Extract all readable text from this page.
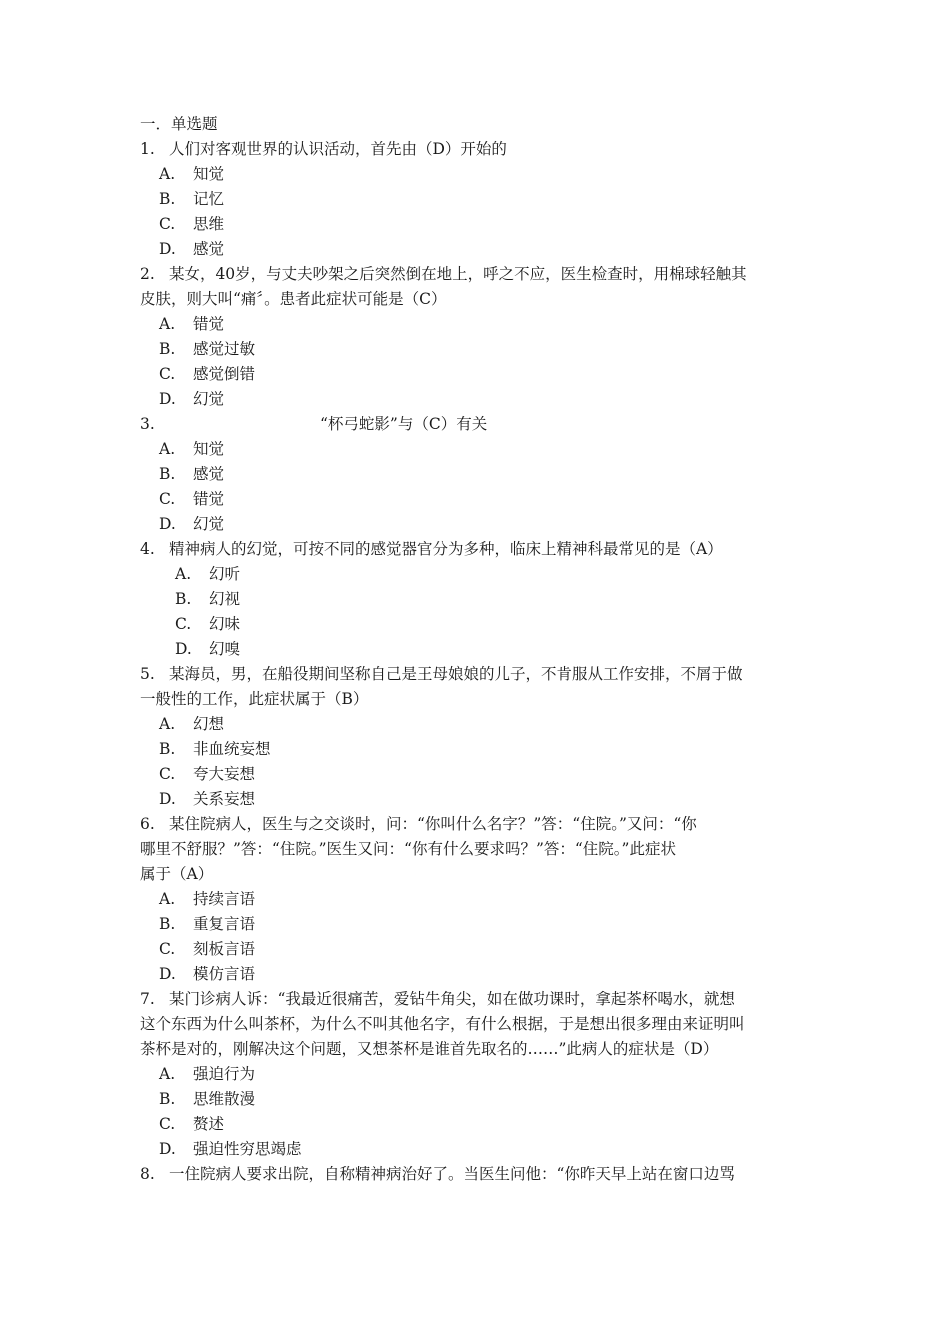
一．单选题
1. 人们对客观世界的认识活动，首先由（D）开始的
A. 知觉
B. 记忆
C. 思维
D. 感觉
2. 某女，40岁，与丈夫吵架之后突然倒在地上，呼之不应，医生检查时，用棉球轻触其
皮肤，则大叫“痛〞。患者此症状可能是（C）
A. 错觉
B. 感觉过敏
C. 感觉倒错
D. 幻觉
3.	“杯弓蛇影”与（C）有关
A. 知觉
B. 感觉
C. 错觉
D. 幻觉
4. 精神病人的幻觉，可按不同的感觉器官分为多种，临床上精神科最常见的是（A）
A. 幻听
B. 幻视
C. 幻味
D. 幻嗅
5. 某海员，男，在船役期间坚称自己是王母娘娘的儿子，不肯服从工作安排，不屑于做
一般性的工作，此症状属于（B）
A. 幻想
B. 非血统妄想
C. 夸大妄想
D. 关系妄想
6. 某住院病人，医生与之交谈时，问：“你叫什么名字？”答：“住院。”又问：“你
哪里不舒服？”答：“住院。”医生又问：“你有什么要求吗？”答：“住院。”此症状
属于（A）
A. 持续言语
B. 重复言语
C. 刻板言语
D. 模仿言语
7. 某门诊病人诉：“我最近很痛苦，爱钻牛角尖，如在做功课时，拿起茶杯喝水，就想
这个东西为什么叫茶杯，为什么不叫其他名字，有什么根据，于是想出很多理由来证明叫
茶杯是对的，刚解决这个问题，又想茶杯是谁首先取名的……”此病人的症状是（D）
A. 强迫行为
B. 思维散漫
C. 赘述
D. 强迫性穷思竭虑
8. 一住院病人要求出院，自称精神病治好了。当医生问他：“你昨天早上站在窗口边骂
